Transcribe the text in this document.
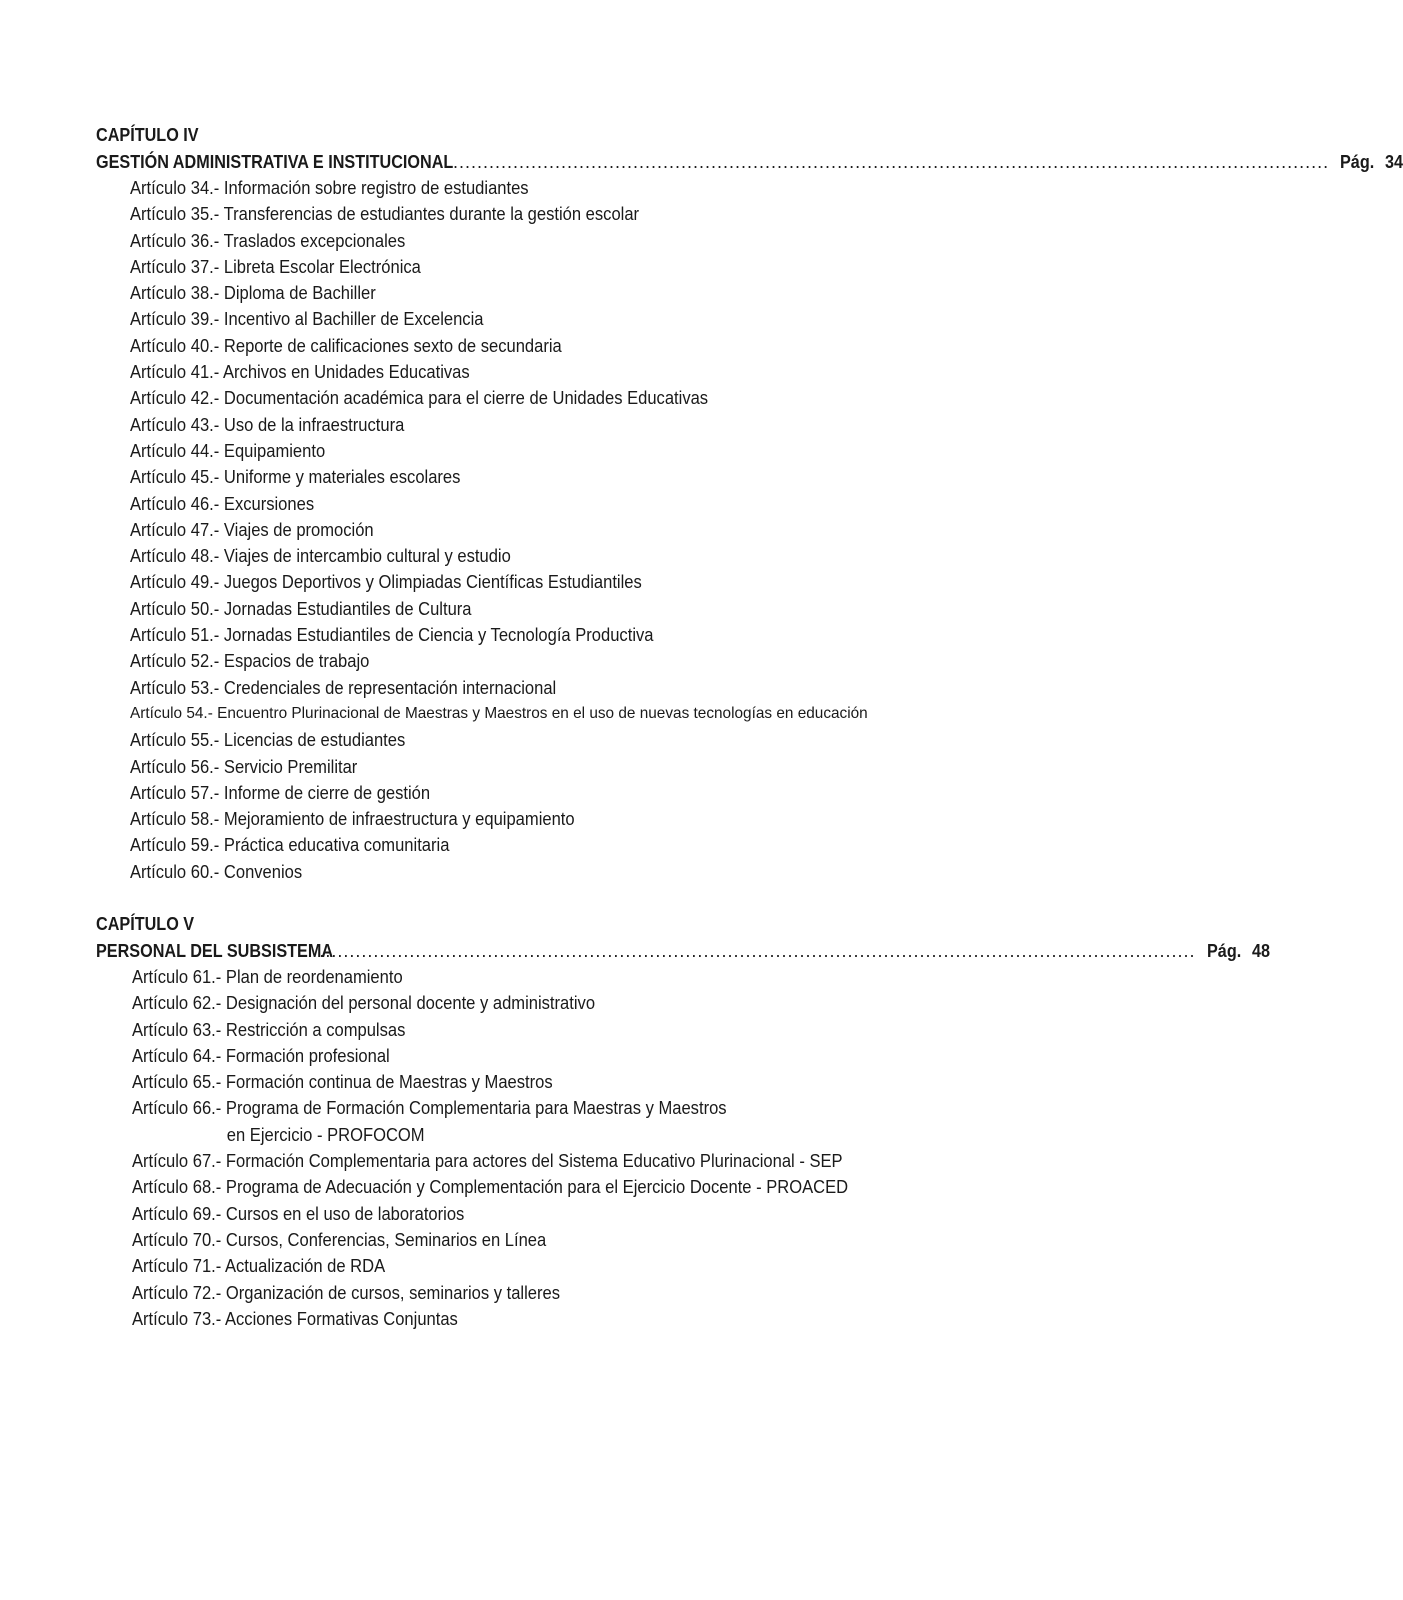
CAPÍTULO IV
GESTIÓN ADMINISTRATIVA E INSTITUCIONAL .................................................................................................................................................. Pág. 34
Artículo 34.- Información sobre registro de estudiantes
Artículo 35.- Transferencias de estudiantes durante la gestión escolar
Artículo 36.- Traslados excepcionales
Artículo 37.- Libreta Escolar Electrónica
Artículo 38.- Diploma de Bachiller
Artículo 39.- Incentivo al Bachiller de Excelencia
Artículo 40.- Reporte de calificaciones sexto de secundaria
Artículo 41.- Archivos en Unidades Educativas
Artículo 42.- Documentación académica para el cierre de Unidades Educativas
Artículo 43.- Uso de la infraestructura
Artículo 44.- Equipamiento
Artículo 45.- Uniforme y materiales escolares
Artículo 46.- Excursiones
Artículo 47.- Viajes de promoción
Artículo 48.- Viajes de intercambio cultural y estudio
Artículo 49.- Juegos Deportivos y Olimpiadas Científicas Estudiantiles
Artículo 50.- Jornadas Estudiantiles de Cultura
Artículo 51.- Jornadas Estudiantiles de Ciencia y Tecnología Productiva
Artículo 52.- Espacios de trabajo
Artículo 53.- Credenciales de representación internacional
Artículo 54.- Encuentro Plurinacional de Maestras y Maestros en el uso de nuevas tecnologías en educación
Artículo 55.- Licencias de estudiantes
Artículo 56.- Servicio Premilitar
Artículo 57.- Informe de cierre de gestión
Artículo 58.- Mejoramiento de infraestructura y equipamiento
Artículo 59.- Práctica educativa comunitaria
Artículo 60.- Convenios
CAPÍTULO V
PERSONAL DEL SUBSISTEMA
.................................................................................................................................................. Pág. 48
Artículo 61.- Plan de reordenamiento
Artículo 62.- Designación del personal docente y administrativo
Artículo 63.- Restricción a compulsas
Artículo 64.- Formación profesional
Artículo 65.- Formación continua de Maestras y Maestros
Artículo 66.- Programa de Formación Complementaria para Maestras y Maestros
en Ejercicio - PROFOCOM
Artículo 67.- Formación Complementaria para actores del Sistema Educativo Plurinacional - SEP
Artículo 68.- Programa de Adecuación y Complementación para el Ejercicio Docente - PROACED
Artículo 69.- Cursos en el uso de laboratorios
Artículo 70.- Cursos, Conferencias, Seminarios en Línea
Artículo 71.- Actualización de RDA
Artículo 72.- Organización de cursos, seminarios y talleres
Artículo 73.- Acciones Formativas Conjuntas
